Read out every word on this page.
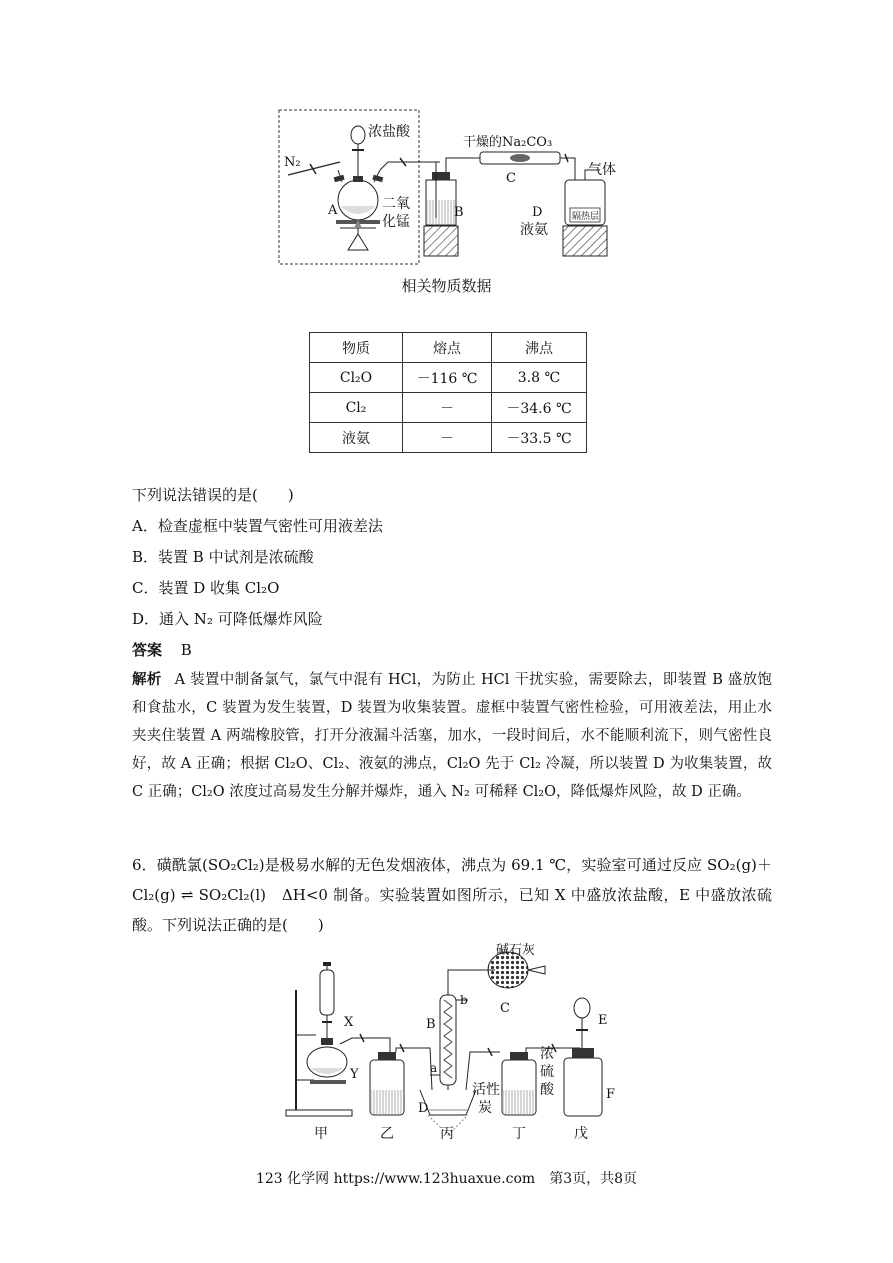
浓盐酸
N₂
干燥的Na₂CO₃
气体
A	二氧
化锰
B
C
D
液氨
隔热层
相关物质数据
物质	熔点	沸点
Cl₂O	－116 ℃	3.8 ℃
Cl₂	－	－34.6 ℃
液氨	－	－33.5 ℃
下列说法错误的是(　　)
A．检查虚框中装置气密性可用液差法
B．装置 B 中试剂是浓硫酸
C．装置 D 收集 Cl₂O
D．通入 N₂ 可降低爆炸风险
答案 B
解析 A 装置中制备氯气，氯气中混有 HCl，为防止 HCl 干扰实验，需要除去，即装置 B 盛放饱和食盐水，C 装置为发生装置，D 装置为收集装置。虚框中装置气密性检验，可用液差法，用止水夹夹住装置 A 两端橡胶管，打开分液漏斗活塞，加水，一段时间后，水不能顺利流下，则气密性良好，故 A 正确；根据 Cl₂O、Cl₂、液氨的沸点，Cl₂O 先于 Cl₂ 冷凝，所以装置 D 为收集装置，故 C 正确；Cl₂O 浓度过高易发生分解并爆炸，通入 N₂ 可稀释 Cl₂O，降低爆炸风险，故 D 正确。
6．磺酰氯(SO₂Cl₂)是极易水解的无色发烟液体，沸点为 69.1 ℃，实验室可通过反应 SO₂(g)＋Cl₂(g) ⇌ SO₂Cl₂(l)　ΔH<0 制备。实验装置如图所示，已知 X 中盛放浓盐酸，E 中盛放浓硫酸。下列说法正确的是(　　)
碱石灰
X
b
B
a
C
E
Y
活性
炭
D
浓
硫
酸	F
甲	乙	丙	丁	戊
123 化学网 https://www.123huaxue.com　第3页，共8页
